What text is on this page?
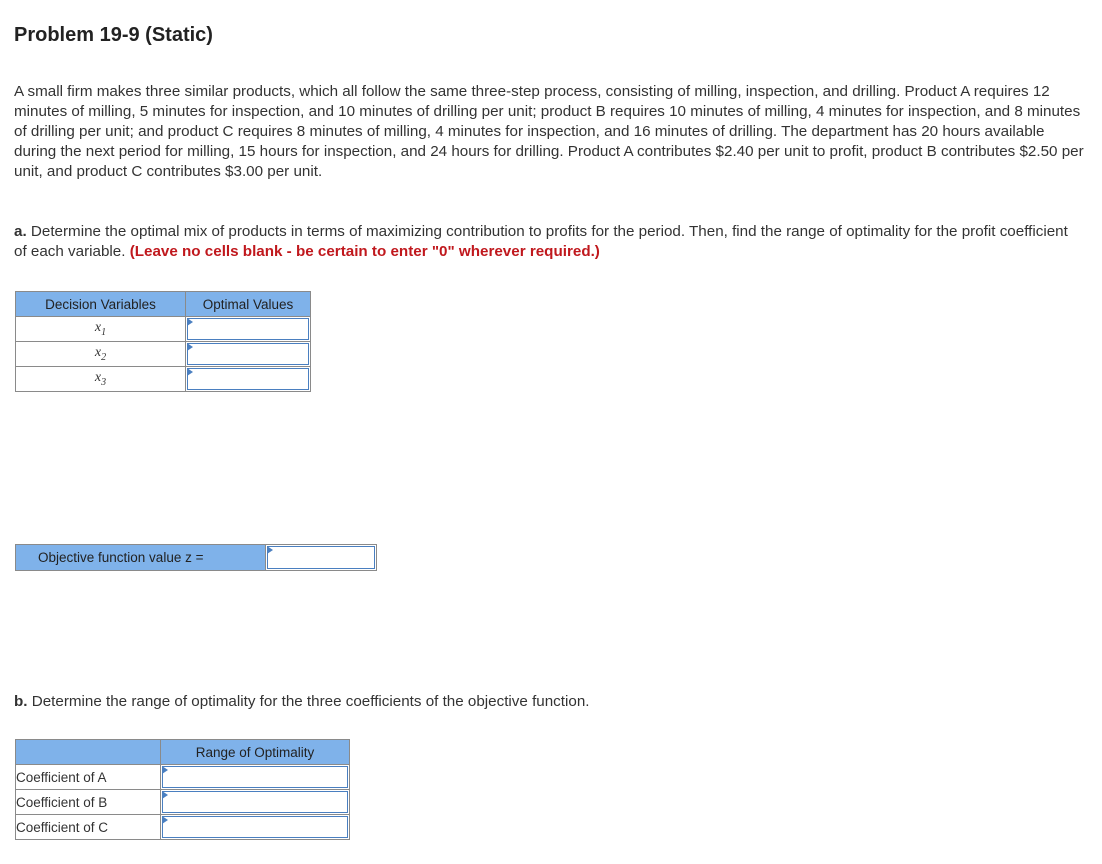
Problem 19-9 (Static)

A small firm makes three similar products, which all follow the same three-step process, consisting of milling, inspection, and drilling. Product A requires 12 minutes of milling, 5 minutes for inspection, and 10 minutes of drilling per unit; product B requires 10 minutes of milling, 4 minutes for inspection, and 8 minutes of drilling per unit; and product C requires 8 minutes of milling, 4 minutes for inspection, and 16 minutes of drilling. The department has 20 hours available during the next period for milling, 15 hours for inspection, and 24 hours for drilling. Product A contributes $2.40 per unit to profit, product B contributes $2.50 per unit, and product C contributes $3.00 per unit.

a. Determine the optimal mix of products in terms of maximizing contribution to profits for the period. Then, find the range of optimality for the profit coefficient of each variable. (Leave no cells blank - be certain to enter "0" wherever required.)

Decision Variables	Optimal Values
$x_1$	

$x_2$	

$x_3$	
Objective function value z =	

b. Determine the range of optimality for the three coefficients of the objective function.

	Range of Optimality
Coefficient of A	

Coefficient of B	

Coefficient of C	
